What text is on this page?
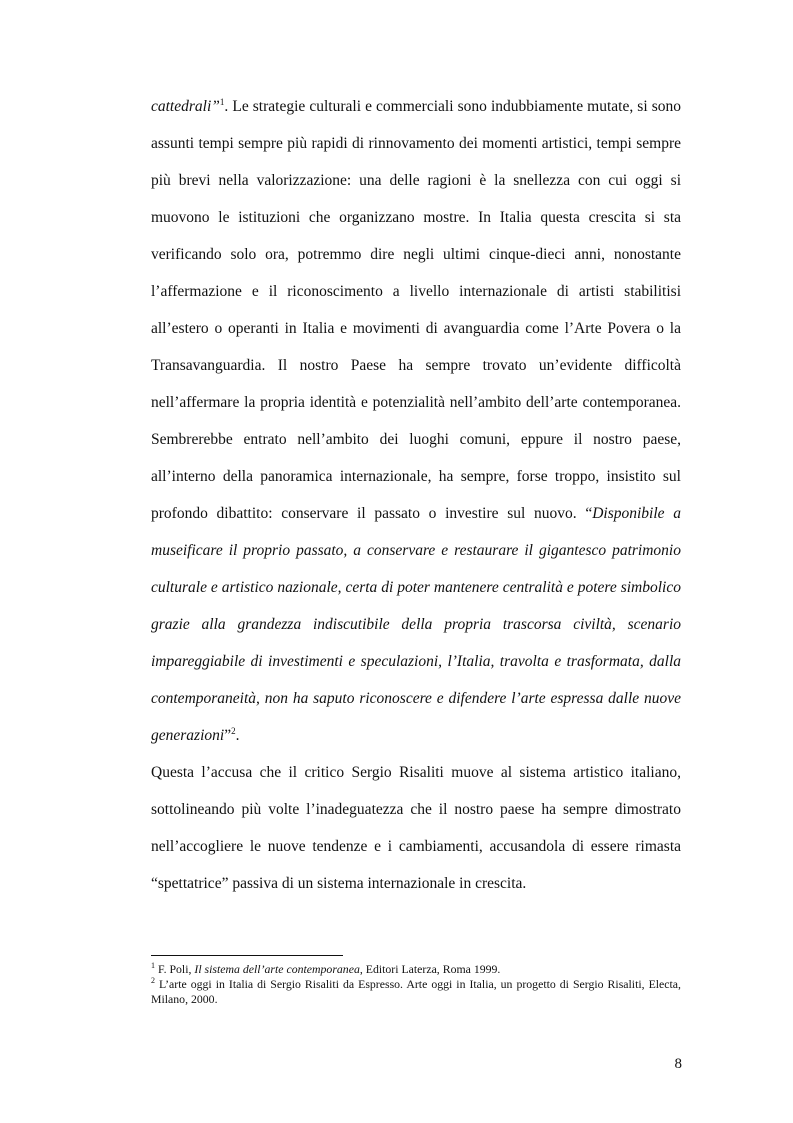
cattedrali”$^1$. Le strategie culturali e commerciali sono indubbiamente mutate, si sono assunti tempi sempre più rapidi di rinnovamento dei momenti artistici, tempi sempre più brevi nella valorizzazione: una delle ragioni è la snellezza con cui oggi si muovono le istituzioni che organizzano mostre. In Italia questa crescita si sta verificando solo ora, potremmo dire negli ultimi cinque-dieci anni, nonostante l’affermazione e il riconoscimento a livello internazionale di artisti stabilitisi all’estero o operanti in Italia e movimenti di avanguardia come l’Arte Povera o la Transavanguardia. Il nostro Paese ha sempre trovato un’evidente difficoltà nell’affermare la propria identità e potenzialità nell’ambito dell’arte contemporanea. Sembrerebbe entrato nell’ambito dei luoghi comuni, eppure il nostro paese, all’interno della panoramica internazionale, ha sempre, forse troppo, insistito sul profondo dibattito: conservare il passato o investire sul nuovo. “Disponibile a museificare il proprio passato, a conservare e restaurare il gigantesco patrimonio culturale e artistico nazionale, certa di poter mantenere centralità e potere simbolico grazie alla grandezza indiscutibile della propria trascorsa civiltà, scenario impareggiabile di investimenti e speculazioni, l’Italia, travolta e trasformata, dalla contemporaneità, non ha saputo riconoscere e difendere l’arte espressa dalle nuove generazioni”$^2$.

Questa l’accusa che il critico Sergio Risaliti muove al sistema artistico italiano, sottolineando più volte l’inadeguatezza che il nostro paese ha sempre dimostrato nell’accogliere le nuove tendenze e i cambiamenti, accusandola di essere rimasta “spettatrice” passiva di un sistema internazionale in crescita.

$^1$ F. Poli, Il sistema dell’arte contemporanea, Editori Laterza, Roma 1999.

$^2$ L’arte oggi in Italia di Sergio Risaliti da Espresso. Arte oggi in Italia, un progetto di Sergio Risaliti, Electa, Milano, 2000.

8
